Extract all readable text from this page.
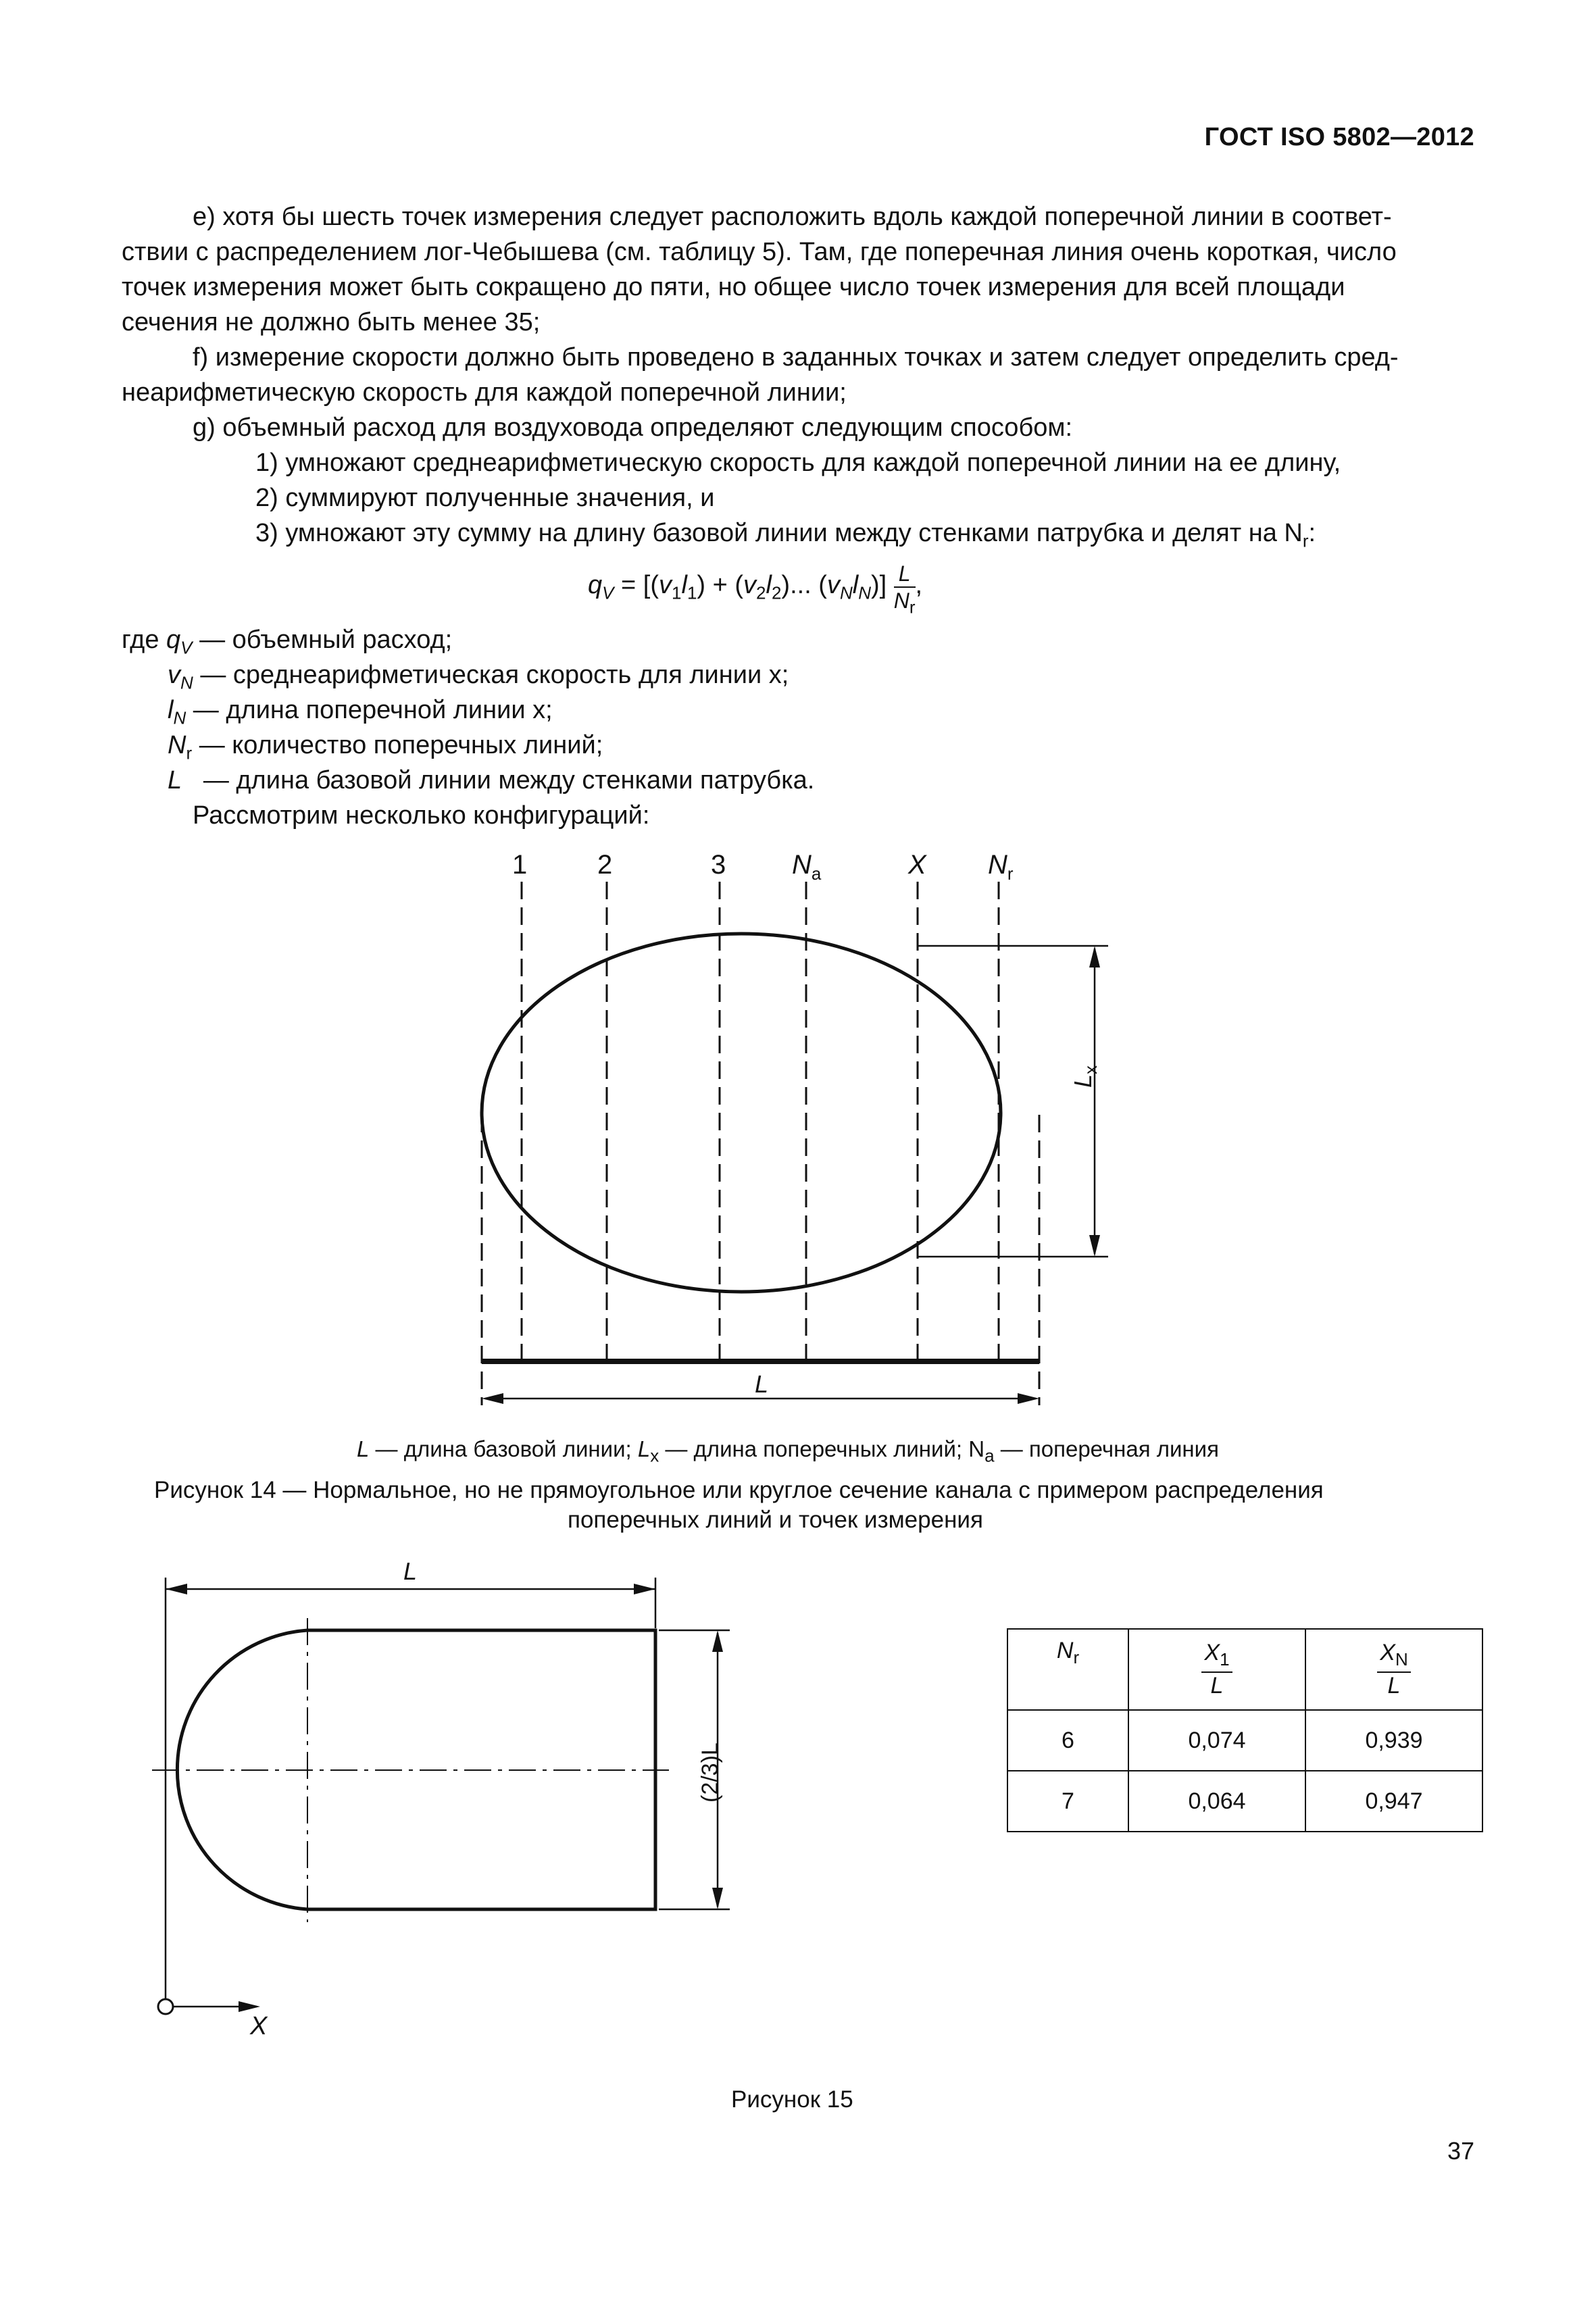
ГОСТ ISO 5802—2012
е) хотя бы шесть точек измерения следует расположить вдоль каждой поперечной линии в соответ-
ствии с распределением лог-Чебышева (см. таблицу 5). Там, где поперечная линия очень короткая, число
точек измерения может быть сокращено до пяти, но общее число точек измерения для всей площади
сечения не должно быть менее 35;
f) измерение скорости должно быть проведено в заданных точках и затем следует определить сред-
неарифметическую скорость для каждой поперечной линии;
g) объемный расход для воздуховода определяют следующим способом:
1) умножают среднеарифметическую скорость для каждой поперечной линии на ее длину,
2) суммируют полученные значения, и
3) умножают эту сумму на длину базовой линии между стенками патрубка и делят на $N_r$:
$q_V = [(v_1l_1) + (v_2l_2)$... $(v_Nl_N)] \frac{L}{N_r}$ ,
где $q_V$ — объемный расход;
$v_N$ — среднеарифметическая скорость для линии x;
$l_N$ — длина поперечной линии x;
$N_r$ — количество поперечных линий;
L — длина базовой линии между стенками патрубка.
Рассмотрим несколько конфигураций:
1	2	3 $N_a$	X $N_r$
$L_x$
L
L — длина базовой линии; $L_x$ — длина поперечных линий; $N_a$ — поперечная линия
Рисунок 14 — Нормальное, но не прямоугольное или круглое сечение канала с примером распределения
поперечных линий и точек измерения
L
(2/3)L
X
Рисунок 15
$N_r$	$\frac{X_1}{L}$	$\frac{X_N}{L}$

6	0,074	0,939
7	0,064	0,947
37
